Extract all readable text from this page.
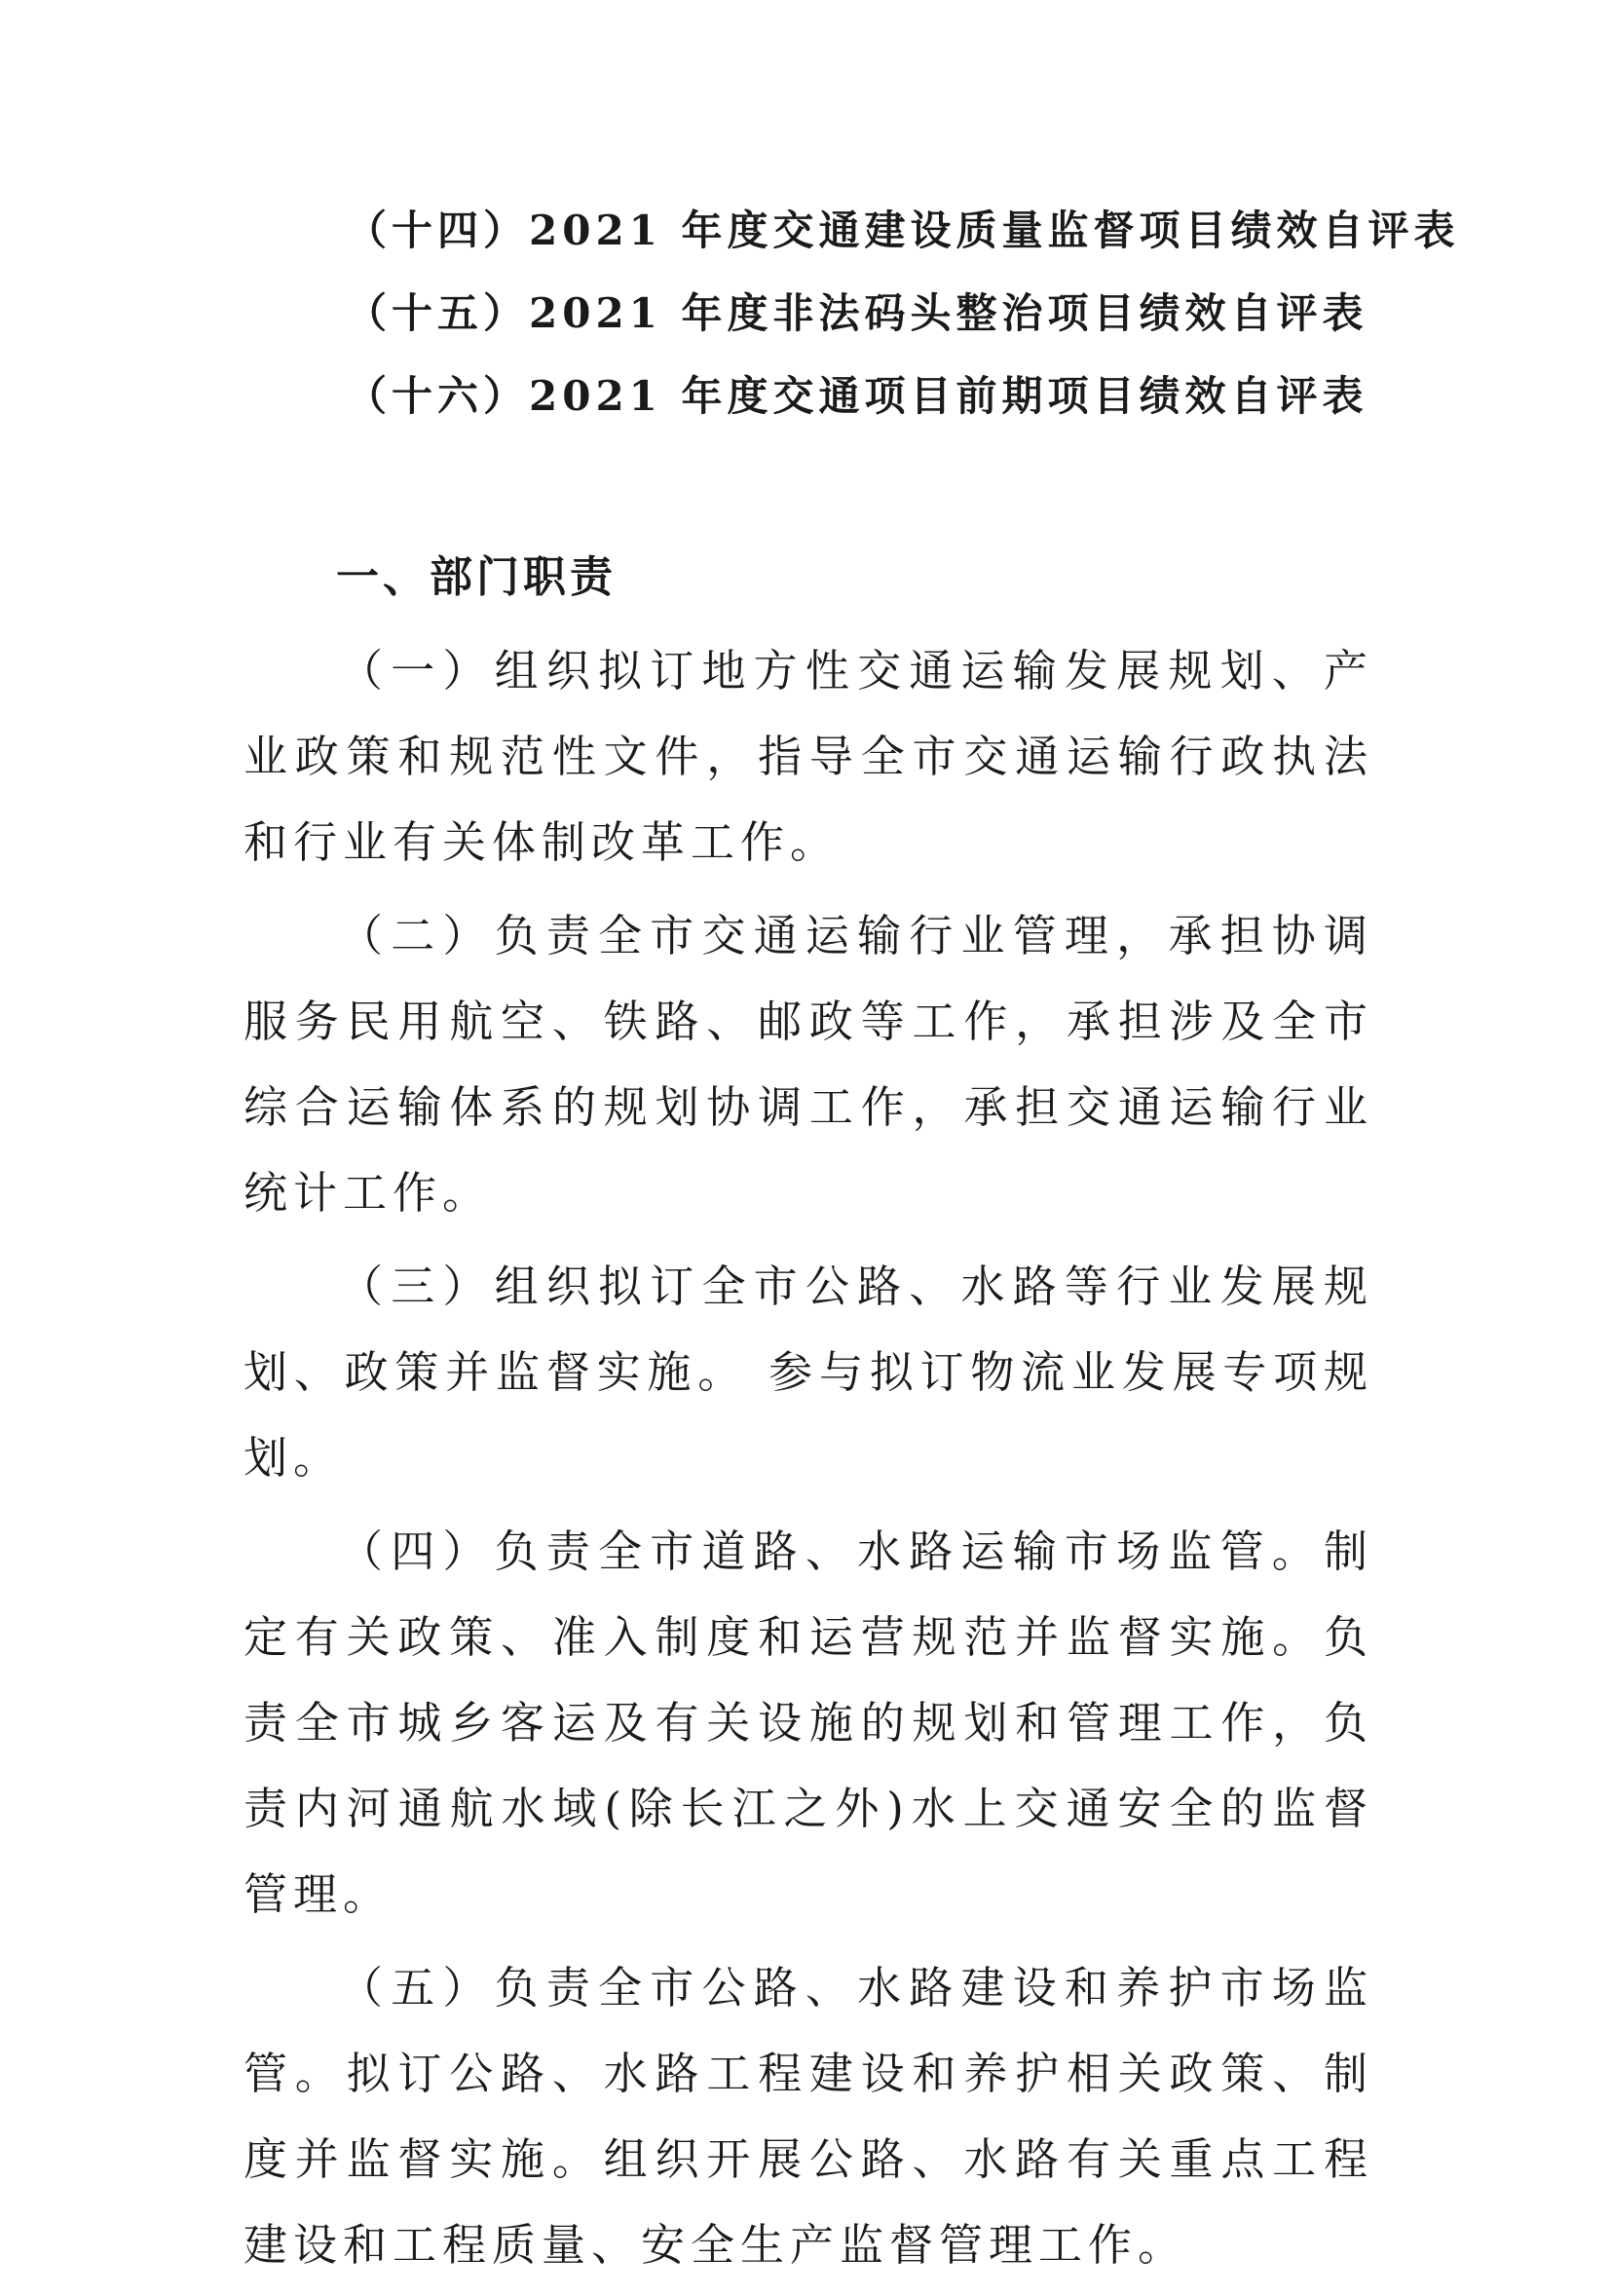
（十四）2021 年度交通建设质量监督项目绩效自评表
（十五）2021 年度非法码头整治项目绩效自评表
（十六）2021 年度交通项目前期项目绩效自评表
一、部门职责

（一）组织拟订地方性交通运输发展规划、产业政策和规范性文件，指导全市交通运输行政执法和行业有关体制改革工作。

（二）负责全市交通运输行业管理，承担协调服务民用航空、铁路、邮政等工作，承担涉及全市综合运输体系的规划协调工作，承担交通运输行业统计工作。

（三）组织拟订全市公路、水路等行业发展规划、政策并监督实施。 参与拟订物流业发展专项规划。

（四）负责全市道路、水路运输市场监管。制定有关政策、准入制度和运营规范并监督实施。负责全市城乡客运及有关设施的规划和管理工作，负责内河通航水域(除长江之外)水上交通安全的监督管理。

（五）负责全市公路、水路建设和养护市场监管。拟订公路、水路工程建设和养护相关政策、制度并监督实施。组织开展公路、水路有关重点工程建设和工程质量、安全生产监督管理工作。
